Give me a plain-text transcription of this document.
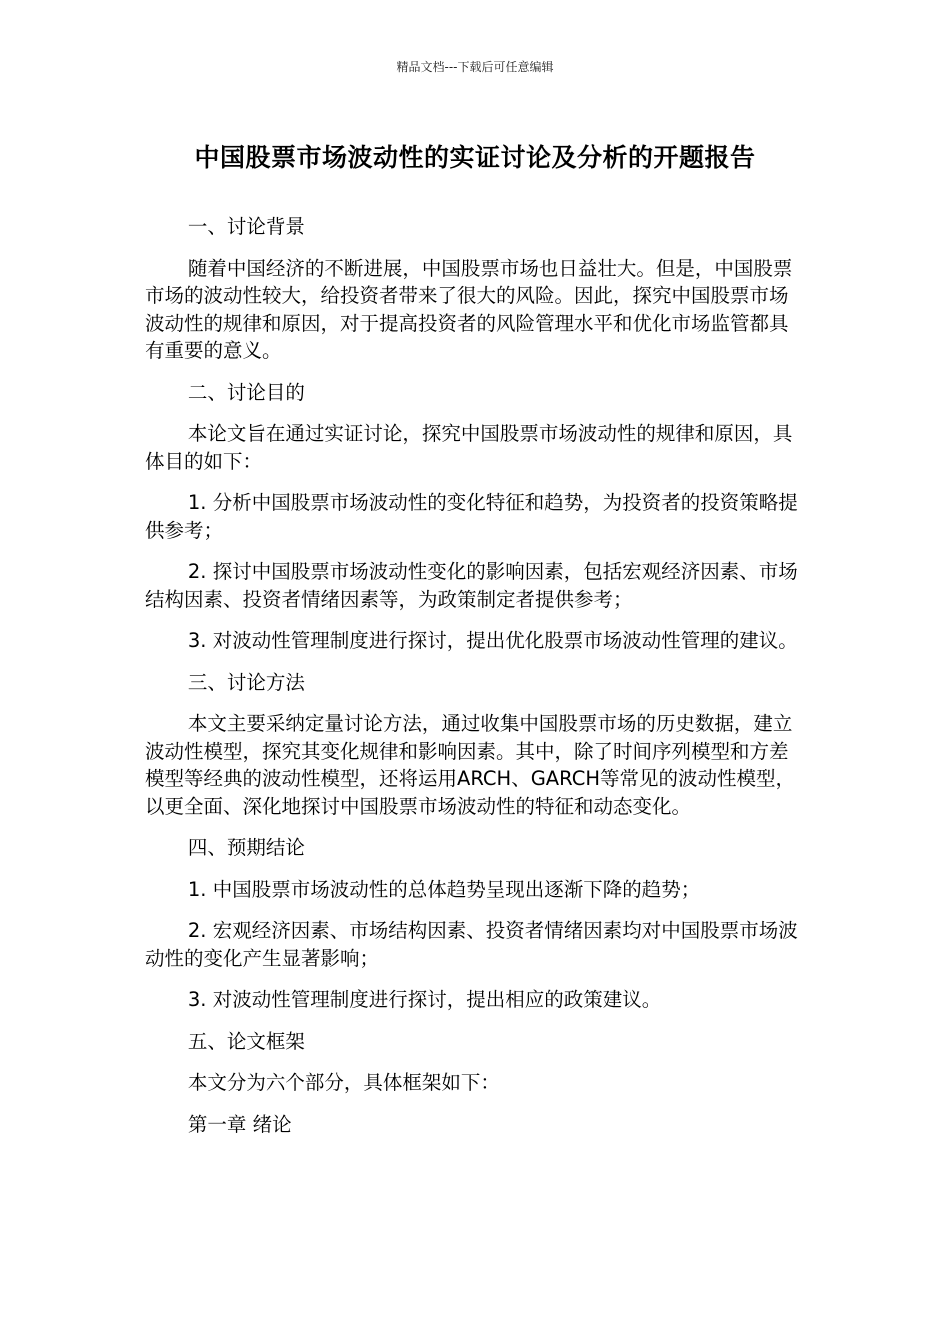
精品文档---下载后可任意编辑
中国股票市场波动性的实证讨论及分析的开题报告

一、讨论背景

随着中国经济的不断进展，中国股票市场也日益壮大。但是，中国股票市场的波动性较大，给投资者带来了很大的风险。因此，探究中国股票市场波动性的规律和原因，对于提高投资者的风险管理水平和优化市场监管都具有重要的意义。

二、讨论目的

本论文旨在通过实证讨论，探究中国股票市场波动性的规律和原因，具体目的如下：

1. 分析中国股票市场波动性的变化特征和趋势，为投资者的投资策略提供参考；

2. 探讨中国股票市场波动性变化的影响因素，包括宏观经济因素、市场结构因素、投资者情绪因素等，为政策制定者提供参考；

3. 对波动性管理制度进行探讨，提出优化股票市场波动性管理的建议。

三、讨论方法

本文主要采纳定量讨论方法，通过收集中国股票市场的历史数据，建立波动性模型，探究其变化规律和影响因素。其中，除了时间序列模型和方差模型等经典的波动性模型，还将运用ARCH、GARCH等常见的波动性模型，以更全面、深化地探讨中国股票市场波动性的特征和动态变化。

四、预期结论

1. 中国股票市场波动性的总体趋势呈现出逐渐下降的趋势；

2. 宏观经济因素、市场结构因素、投资者情绪因素均对中国股票市场波动性的变化产生显著影响；

3. 对波动性管理制度进行探讨，提出相应的政策建议。

五、论文框架

本文分为六个部分，具体框架如下：

第一章 绪论
